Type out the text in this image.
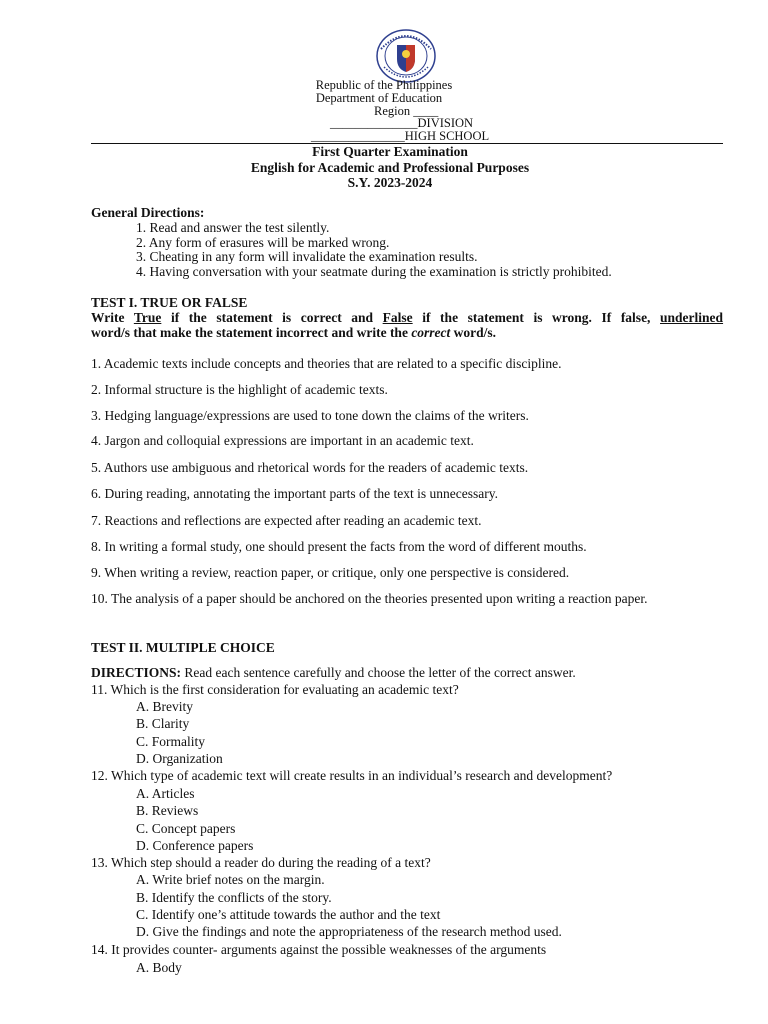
Republic of the Philippines
Department of Education
Region ____
______________DIVISION
_______________HIGH SCHOOL
First Quarter Examination
English for Academic and Professional Purposes
S.Y. 2023-2024
General Directions:
1. Read and answer the test silently.
2. Any form of erasures will be marked wrong.
3. Cheating in any form will invalidate the examination results.
4. Having conversation with your seatmate during the examination is strictly prohibited.
TEST I. TRUE OR FALSE
Write True if the statement is correct and False if the statement is wrong. If false, underlined
word/s that make the statement incorrect and write the correct word/s.
1. Academic texts include concepts and theories that are related to a specific discipline.
2. Informal structure is the highlight of academic texts.
3. Hedging language/expressions are used to tone down the claims of the writers.
4. Jargon and colloquial expressions are important in an academic text.
5. Authors use ambiguous and rhetorical words for the readers of academic texts.
6. During reading, annotating the important parts of the text is unnecessary.
7. Reactions and reflections are expected after reading an academic text.
8. In writing a formal study, one should present the facts from the word of different mouths.
9. When writing a review, reaction paper, or critique, only one perspective is considered.
10. The analysis of a paper should be anchored on the theories presented upon writing a reaction paper.
TEST II. MULTIPLE CHOICE
DIRECTIONS: Read each sentence carefully and choose the letter of the correct answer.
11. Which is the first consideration for evaluating an academic text?
A. Brevity
B. Clarity
C. Formality
D. Organization
12. Which type of academic text will create results in an individual’s research and development?
A. Articles
B. Reviews
C. Concept papers
D. Conference papers
13. Which step should a reader do during the reading of a text?
A. Write brief notes on the margin.
B. Identify the conflicts of the story.
C. Identify one’s attitude towards the author and the text
D. Give the findings and note the appropriateness of the research method used.
14. It provides counter- arguments against the possible weaknesses of the arguments
A. Body
